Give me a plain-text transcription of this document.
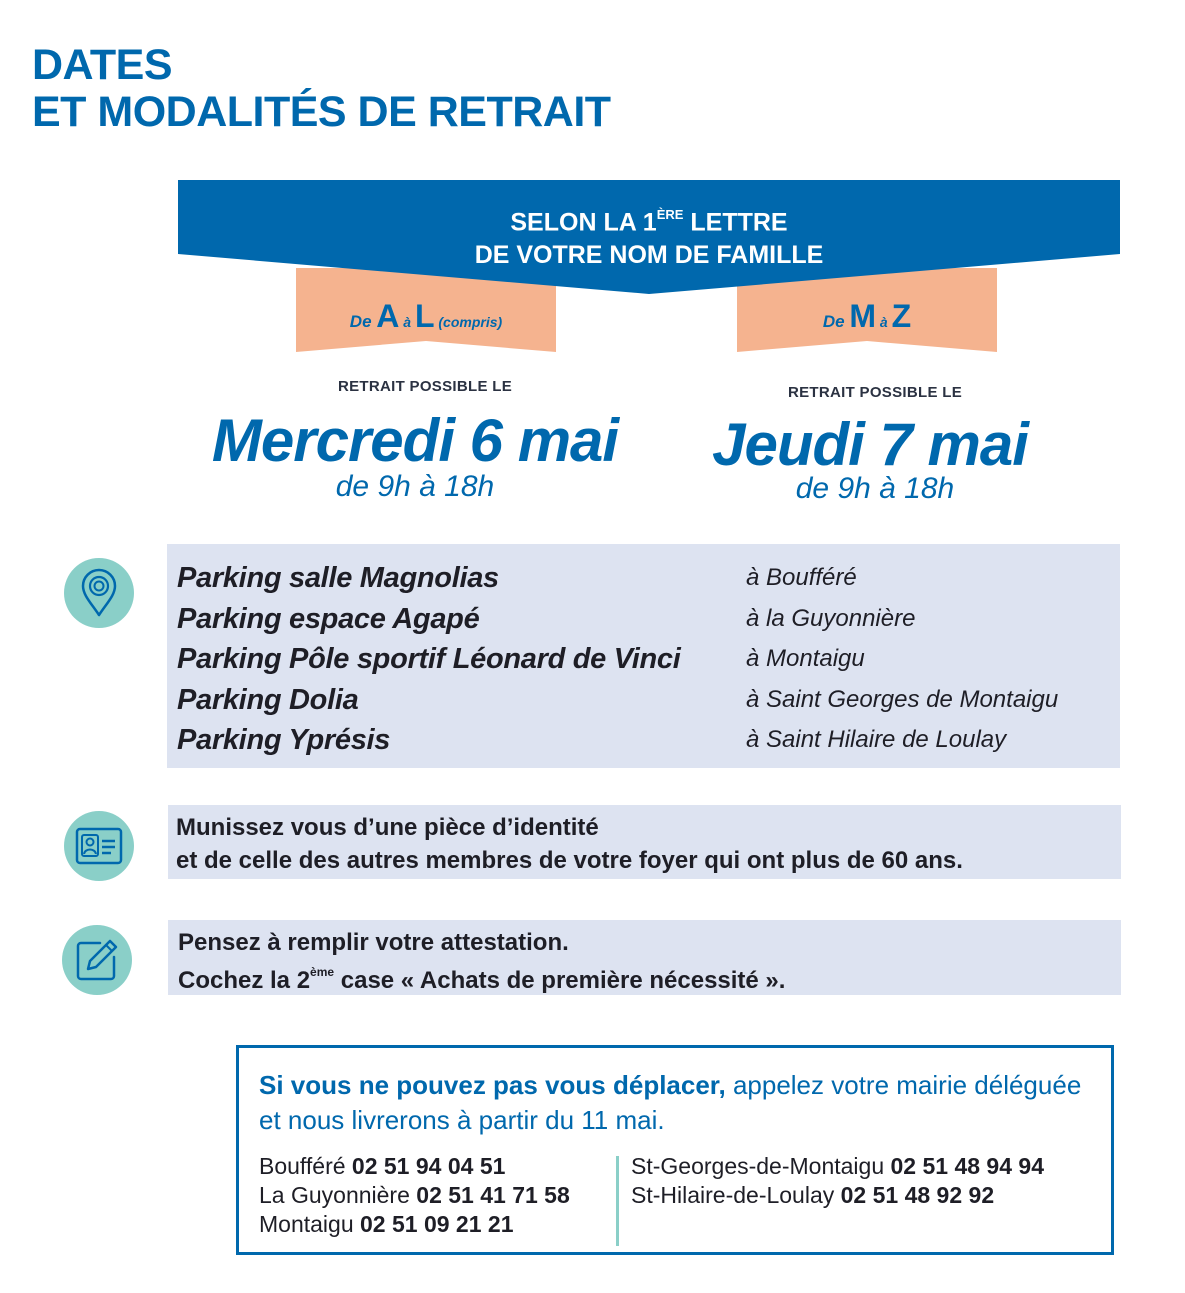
DATES
ET MODALITÉS DE RETRAIT
De A à L (compris)	De M à Z
SELON LA 1ÈRE LETTRE
DE VOTRE NOM DE FAMILLE
RETRAIT POSSIBLE LE
Mercredi 6 mai
de 9h à 18h
RETRAIT POSSIBLE LE
Jeudi 7 mai
de 9h à 18h
Parking salle Magnolias
Parking espace Agapé
Parking Pôle sportif Léonard de Vinci
Parking Dolia
Parking Yprésis
à Boufféré
à la Guyonnière
à Montaigu
à Saint Georges de Montaigu
à Saint Hilaire de Loulay
Munissez vous d’une pièce d’identité
et de celle des autres membres de votre foyer qui ont plus de 60 ans.
Pensez à remplir votre attestation.
Cochez la 2ème case « Achats de première nécessité ».
Si vous ne pouvez pas vous déplacer, appelez votre mairie déléguée et nous livrerons à partir du 11 mai.
Boufféré 02 51 94 04 51
La Guyonnière 02 51 41 71 58
Montaigu 02 51 09 21 21
St-Georges-de-Montaigu 02 51 48 94 94
St-Hilaire-de-Loulay 02 51 48 92 92
